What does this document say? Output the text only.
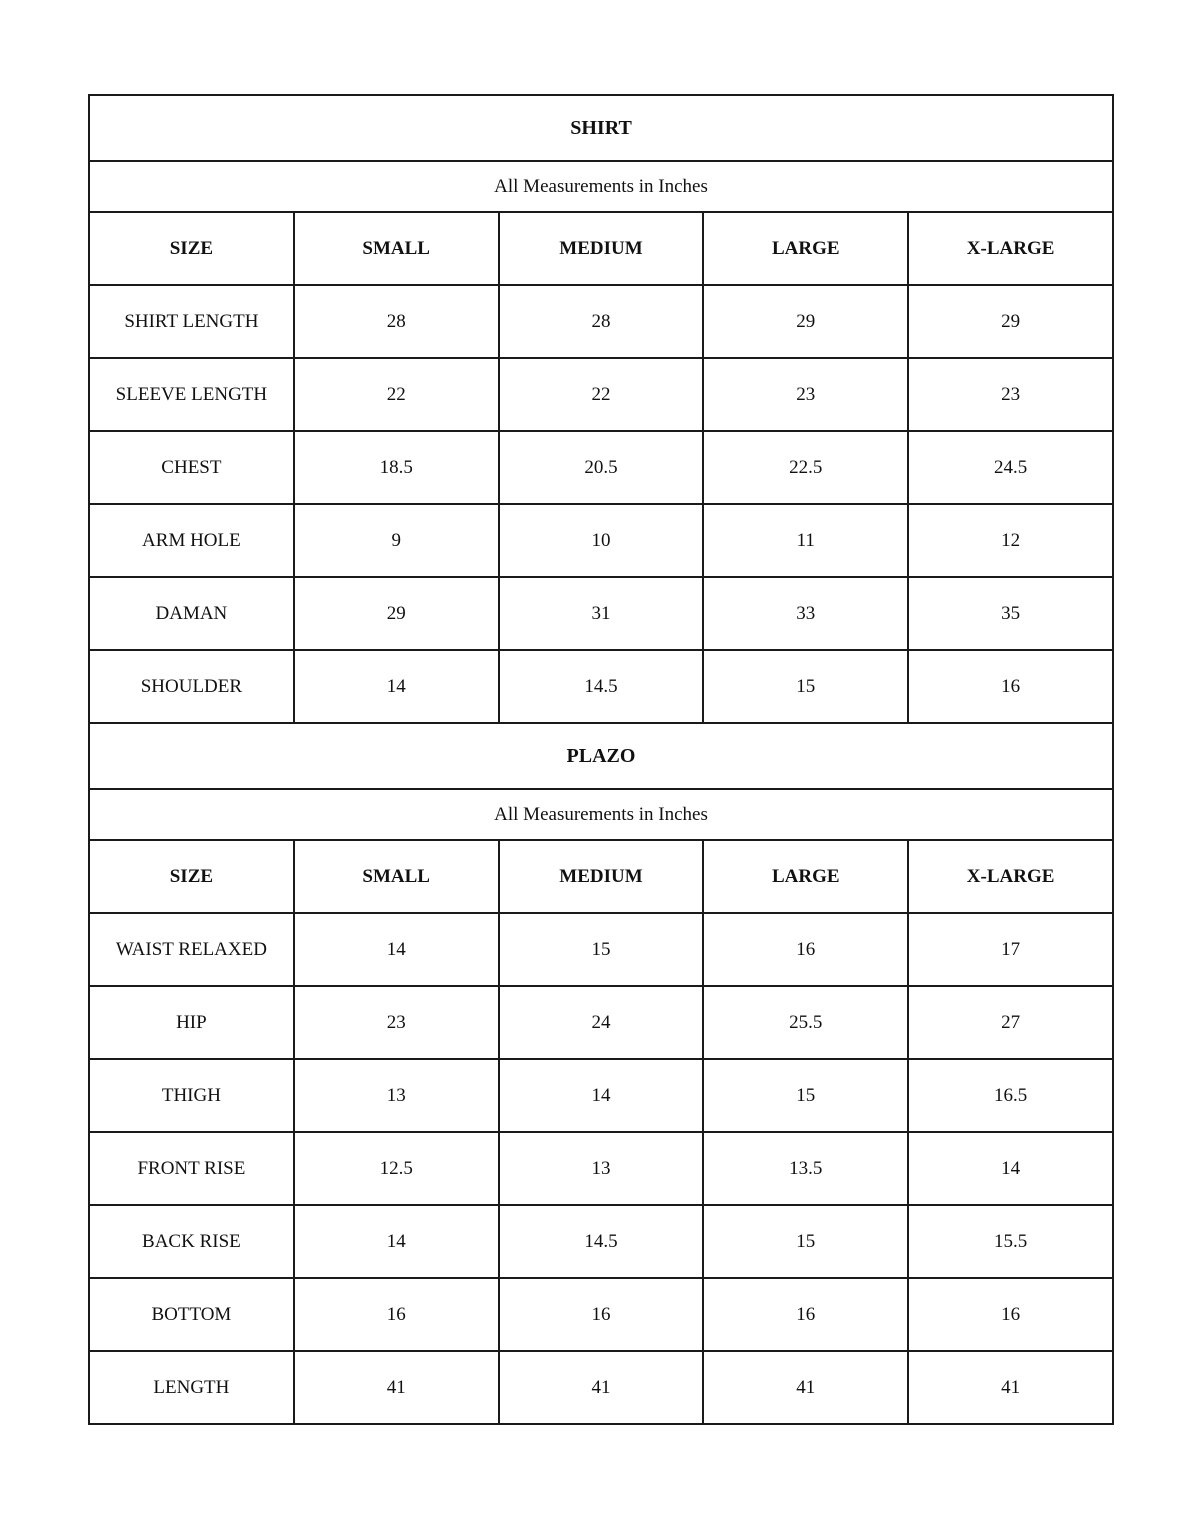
SHIRT				
All Measurements in Inches				
SIZE	SMALL	MEDIUM	LARGE	X-LARGE
SHIRT LENGTH	28	28	29	29
SLEEVE LENGTH	22	22	23	23
CHEST	18.5	20.5	22.5	24.5
ARM HOLE	9	10	11	12
DAMAN	29	31	33	35
SHOULDER	14	14.5	15	16
PLAZO				
All Measurements in Inches				
SIZE	SMALL	MEDIUM	LARGE	X-LARGE
WAIST RELAXED	14	15	16	17
HIP	23	24	25.5	27
THIGH	13	14	15	16.5
FRONT RISE	12.5	13	13.5	14
BACK RISE	14	14.5	15	15.5
BOTTOM	16	16	16	16
LENGTH	41	41	41	41
